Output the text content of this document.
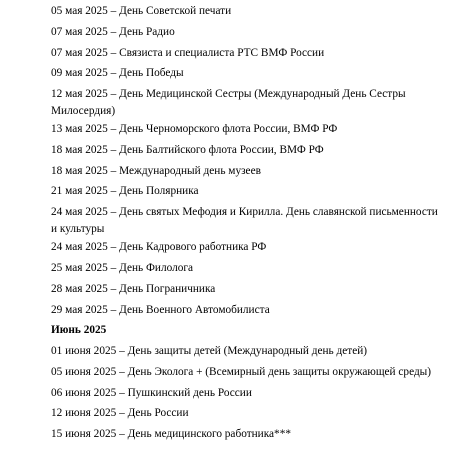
05 мая 2025 – День Советской печати
07 мая 2025 – День Радио
07 мая 2025 – Связиста и специалиста РТС ВМФ России
09 мая 2025 – День Победы
12 мая 2025 – День Медицинской Сестры (Международный День Сестры Милосердия)
13 мая 2025 – День Черноморского флота России, ВМФ РФ
18 мая 2025 – День Балтийского флота России, ВМФ РФ
18 мая 2025 – Международный день музеев
21 мая 2025 – День Полярника
24 мая 2025 – День святых Мефодия и Кирилла. День славянской письменности и культуры
24 мая 2025 – День Кадрового работника РФ
25 мая 2025 – День Филолога
28 мая 2025 – День Пограничника
29 мая 2025 – День Военного Автомобилиста
Июнь 2025
01 июня 2025 – День защиты детей (Международный день детей)
05 июня 2025 – День Эколога + (Всемирный день защиты окружающей среды)
06 июня 2025 – Пушкинский день России
12 июня 2025 – День России
15 июня 2025 – День медицинского работника***
